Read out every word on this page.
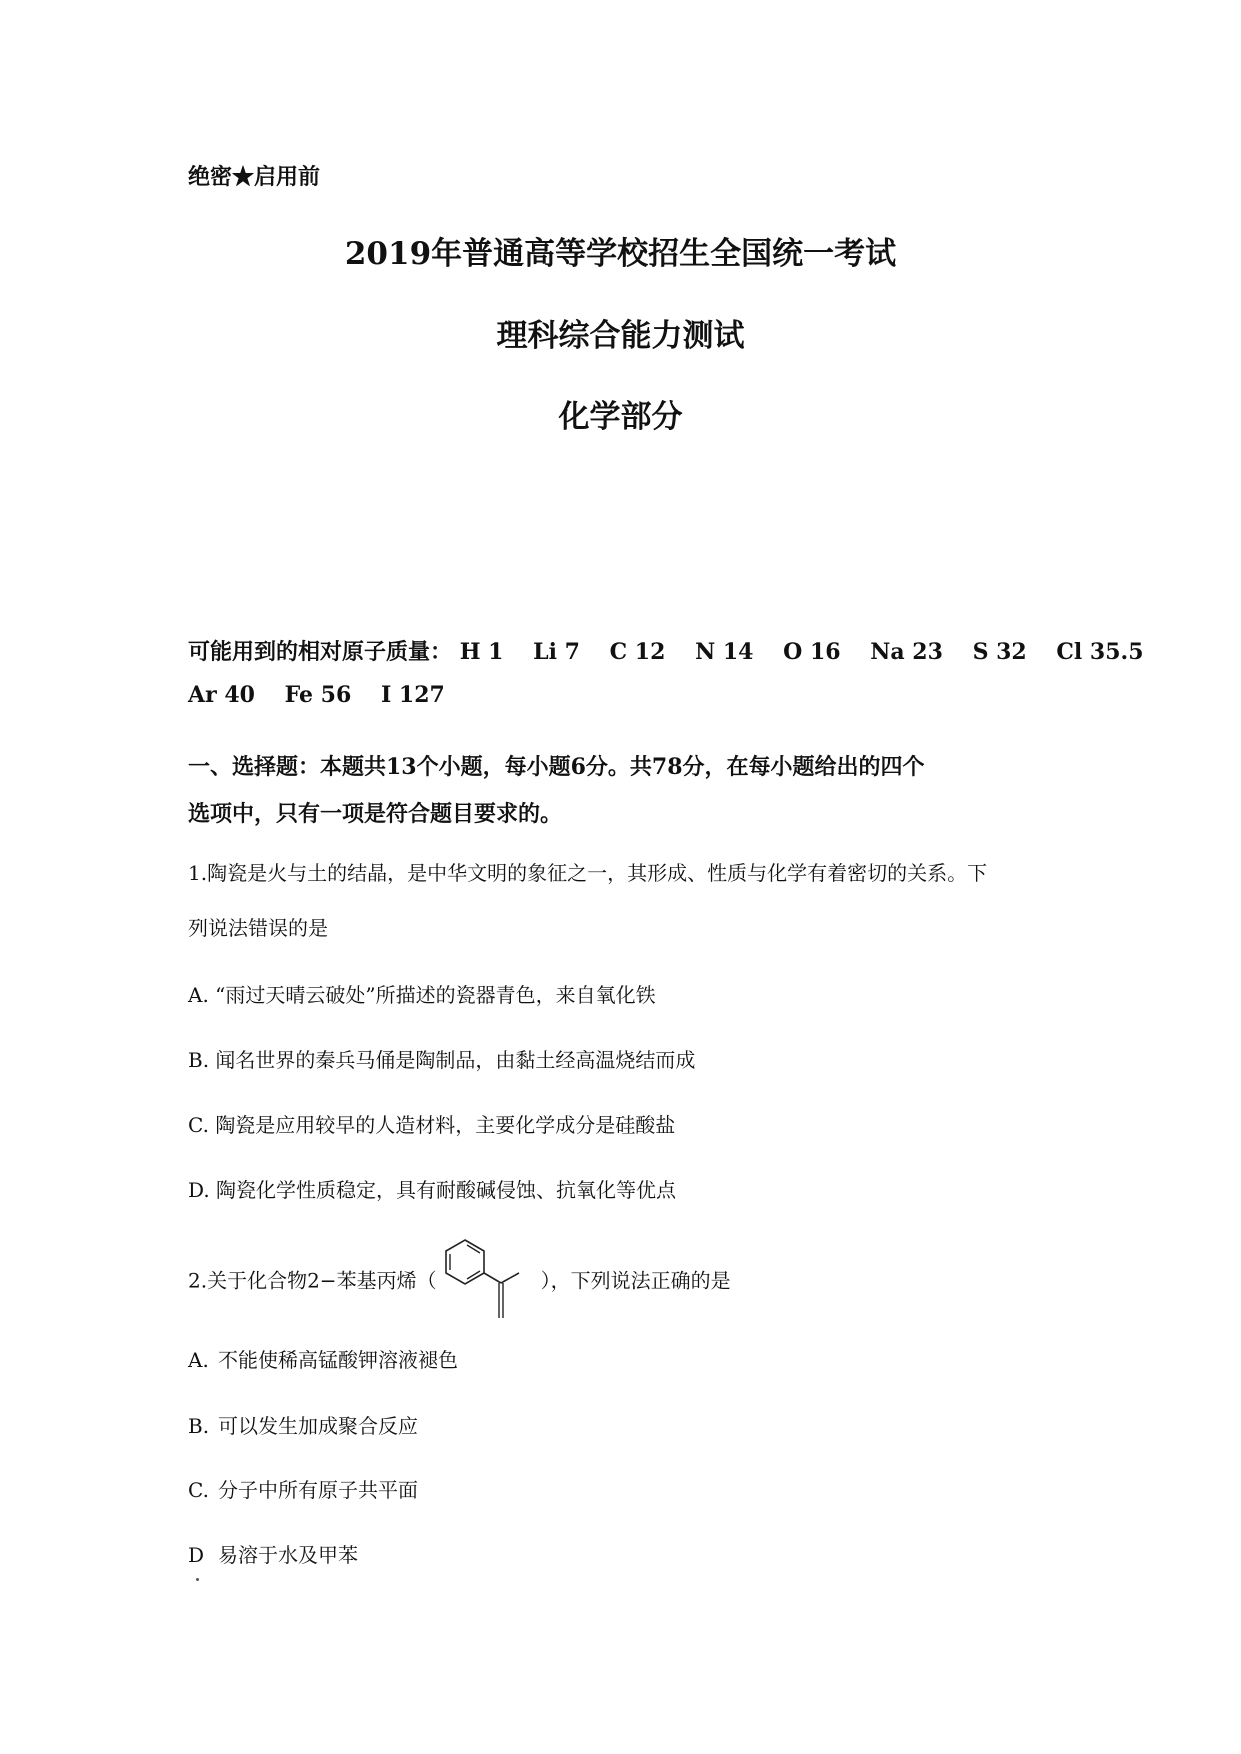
绝密★启用前
2019年普通高等学校招生全国统一考试
理科综合能力测试
化学部分
可能用到的相对原子质量： H 1 Li 7 C 12 N 14 O 16 Na 23 S 32 Cl 35.5
Ar 40 Fe 56 I 127
一、选择题：本题共13个小题，每小题6分。共78分，在每小题给出的四个
选项中，只有一项是符合题目要求的。
1.陶瓷是火与土的结晶，是中华文明的象征之一，其形成、性质与化学有着密切的关系。下
列说法错误的是
A. “雨过天晴云破处”所描述的瓷器青色，来自氧化铁
B. 闻名世界的秦兵马俑是陶制品，由黏土经高温烧结而成
C. 陶瓷是应用较早的人造材料，主要化学成分是硅酸盐
D. 陶瓷化学性质稳定，具有耐酸碱侵蚀、抗氧化等优点
2.关于化合物2−苯基丙烯（	），下列说法正确的是
A. 不能使稀高锰酸钾溶液褪色
B. 可以发生加成聚合反应
C. 分子中所有原子共平面
D 易溶于水及甲苯
